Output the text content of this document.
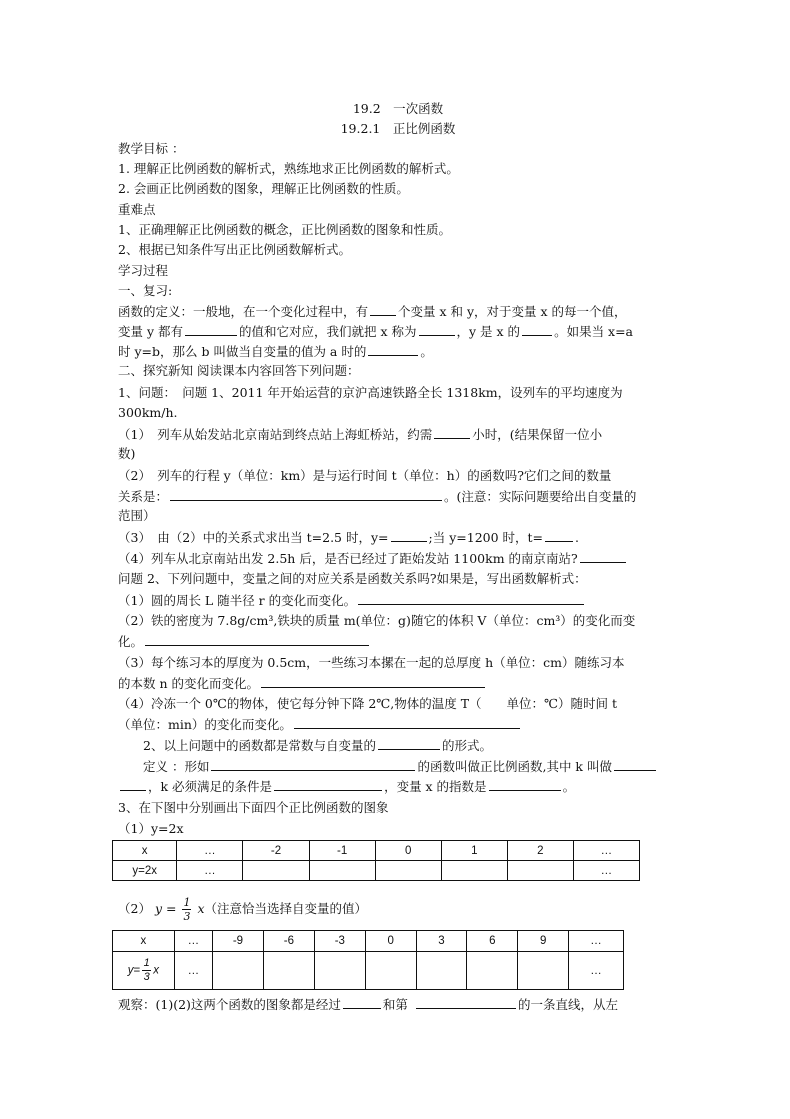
19.2　一次函数
19.2.1　正比例函数
教学目标 ：
1. 理解正比例函数的解析式，熟练地求正比例函数的解析式。
2. 会画正比例函数的图象，理解正比例函数的性质。
重难点
1、正确理解正比例函数的概念，正比例函数的图象和性质。
2、根据已知条件写出正比例函数解析式。
学习过程
一、复习:
函数的定义：一般地，在一个变化过程中，有 个变量 x 和 y，对于变量 x 的每一个值，
变量 y 都有	的值和它对应，我们就把 x 称为	，y 是 x 的	。如果当 x=a
时 y=b，那么 b 叫做当自变量的值为 a 时的	。
二、探究新知 阅读课本内容回答下列问题：
1、问题：　问题 1、2011 年开始运营的京沪高速铁路全长 1318km，设列车的平均速度为
300km/h.
（1）　列车从始发站北京南站到终点站上海虹桥站，约需	小时，(结果保留一位小
数)
（2）　列车的行程 y（单位：km）是与运行时间 t（单位：h）的函数吗?它们之间的数量
关系是：	。(注意：实际问题要给出自变量的
范围）
（3）　由（2）中的关系式求出当 t=2.5 时，y=	;当 y=1200 时，t=	.
（4）列车从北京南站出发 2.5h 后，是否已经过了距始发站 1100km 的南京南站?
问题 2、下列问题中，变量之间的对应关系是函数关系吗?如果是，写出函数解析式：
（1）圆的周长 L 随半径 r 的变化而变化。
（2）铁的密度为 7.8g/cm³,铁块的质量 m(单位：g)随它的体积 V（单位：cm³）的变化而变
化。
（3）每个练习本的厚度为 0.5cm，一些练习本摞在一起的总厚度 h（单位：cm）随练习本
的本数 n 的变化而变化。
（4）冷冻一个 0℃的物体，使它每分钟下降 2℃,物体的温度 T（　　单位：℃）随时间 t
（单位：min）的变化而变化。
　　2、以上问题中的函数都是常数与自变量的	的形式。
　　定义 ：形如	的函数叫做正比例函数,其中 k 叫做
，k 必须满足的条件是	，变量 x 的指数是	。
3、在下图中分别画出下面四个正比例函数的图象
（1）y=2x
x	…	-2	-1	0	1	2	…
y=2x	…						…
（2） $y = \frac{1}{3} x$（注意恰当选择自变量的值）
x	…	-9	-6	-3	0	3	6	9	…
$y= \frac{1}{3}$ x	…								…
观察：(1)(2)这两个函数的图象都是经过	和第	的一条直线，从左
